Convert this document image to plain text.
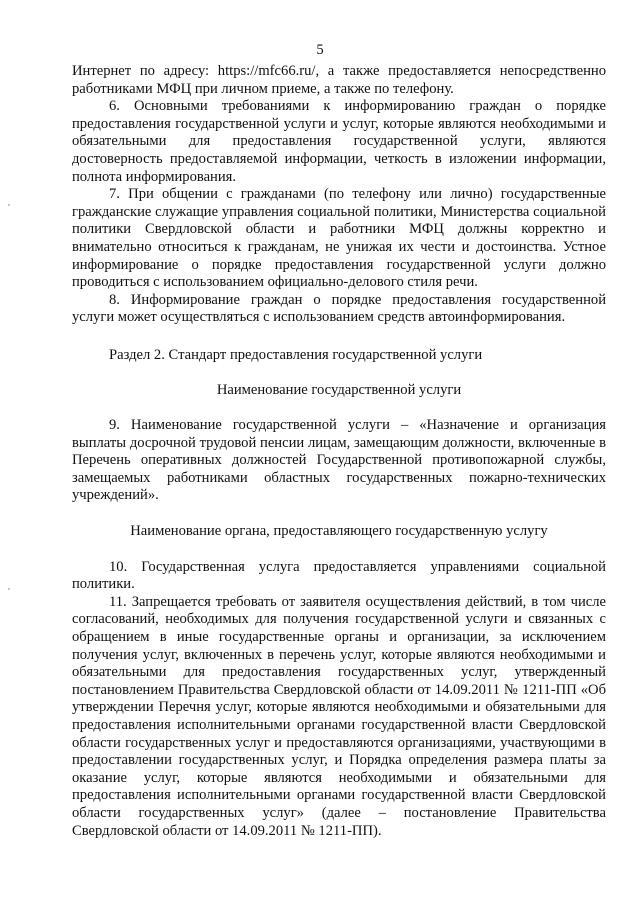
5

Интернет по адресу: https://mfc66.ru/, а также предоставляется непосредственно работниками МФЦ при личном приеме, а также по телефону.

6. Основными требованиями к информированию граждан о порядке предоставления государственной услуги и услуг, которые являются необходимыми и обязательными для предоставления государственной услуги, являются достоверность предоставляемой информации, четкость в изложении информации, полнота информирования.

7. При общении с гражданами (по телефону или лично) государственные гражданские служащие управления социальной политики, Министерства социальной политики Свердловской области и работники МФЦ должны корректно и внимательно относиться к гражданам, не унижая их чести и достоинства. Устное информирование о порядке предоставления государственной услуги должно проводиться с использованием официально-делового стиля речи.

8. Информирование граждан о порядке предоставления государственной услуги может осуществляться с использованием средств автоинформирования.

Раздел 2. Стандарт предоставления государственной услуги

Наименование государственной услуги

9. Наименование государственной услуги – «Назначение и организация выплаты досрочной трудовой пенсии лицам, замещающим должности, включенные в Перечень оперативных должностей Государственной противопожарной службы, замещаемых работниками областных государственных пожарно-технических учреждений».

Наименование органа, предоставляющего государственную услугу

10. Государственная услуга предоставляется управлениями социальной политики.

11. Запрещается требовать от заявителя осуществления действий, в том числе согласований, необходимых для получения государственной услуги и связанных с обращением в иные государственные органы и организации, за исключением получения услуг, включенных в перечень услуг, которые являются необходимыми и обязательными для предоставления государственных услуг, утвержденный постановлением Правительства Свердловской области от 14.09.2011 № 1211-ПП «Об утверждении Перечня услуг, которые являются необходимыми и обязательными для предоставления исполнительными органами государственной власти Свердловской области государственных услуг и предоставляются организациями, участвующими в предоставлении государственных услуг, и Порядка определения размера платы за оказание услуг, которые являются необходимыми и обязательными для предоставления исполнительными органами государственной власти Свердловской области государственных услуг» (далее – постановление Правительства Свердловской области от 14.09.2011 № 1211-ПП).
